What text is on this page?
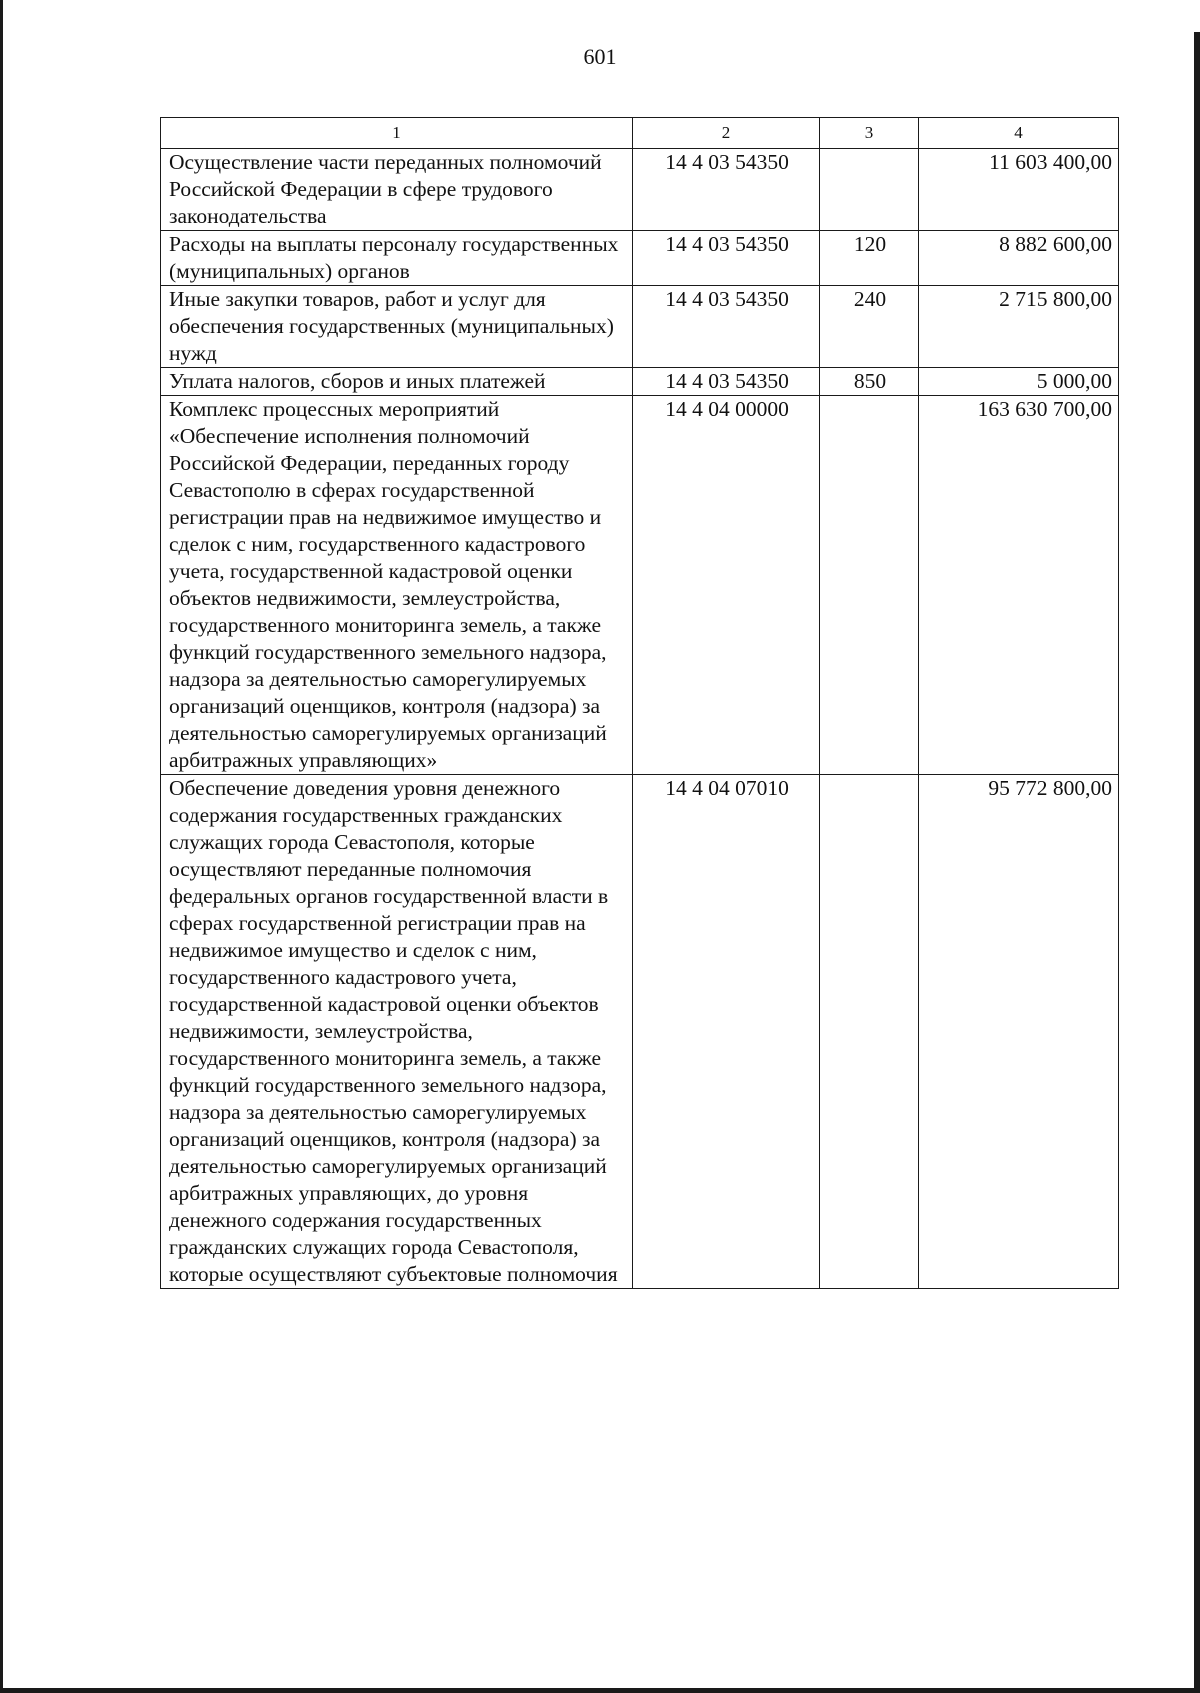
601
1	2	3	4
Осуществление части переданных полномочий Российской Федерации в сфере трудового законодательства	14 4 03 54350		11 603 400,00
Расходы на выплаты персоналу государственных (муниципальных) органов	14 4 03 54350	120	8 882 600,00
Иные закупки товаров, работ и услуг для обеспечения государственных (муниципальных) нужд	14 4 03 54350	240	2 715 800,00
Уплата налогов, сборов и иных платежей	14 4 03 54350	850	5 000,00
Комплекс процессных мероприятий «Обеспечение исполнения полномочий Российской Федерации, переданных городу Севастополю в сферах государственной регистрации прав на недвижимое имущество и сделок с ним, государственного кадастрового учета, государственной кадастровой оценки объектов недвижимости, землеустройства, государственного мониторинга земель, а также функций государственного земельного надзора, надзора за деятельностью саморегулируемых организаций оценщиков, контроля (надзора) за деятельностью саморегулируемых организаций арбитражных управляющих»	14 4 04 00000		163 630 700,00
Обеспечение доведения уровня денежного содержания государственных гражданских служащих города Севастополя, которые осуществляют переданные полномочия федеральных органов государственной власти в сферах государственной регистрации прав на недвижимое имущество и сделок с ним, государственного кадастрового учета, государственной кадастровой оценки объектов недвижимости, землеустройства, государственного мониторинга земель, а также функций государственного земельного надзора, надзора за деятельностью саморегулируемых организаций оценщиков, контроля (надзора) за деятельностью саморегулируемых организаций арбитражных управляющих, до уровня денежного содержания государственных гражданских служащих города Севастополя, которые осуществляют субъектовые полномочия	14 4 04 07010		95 772 800,00
